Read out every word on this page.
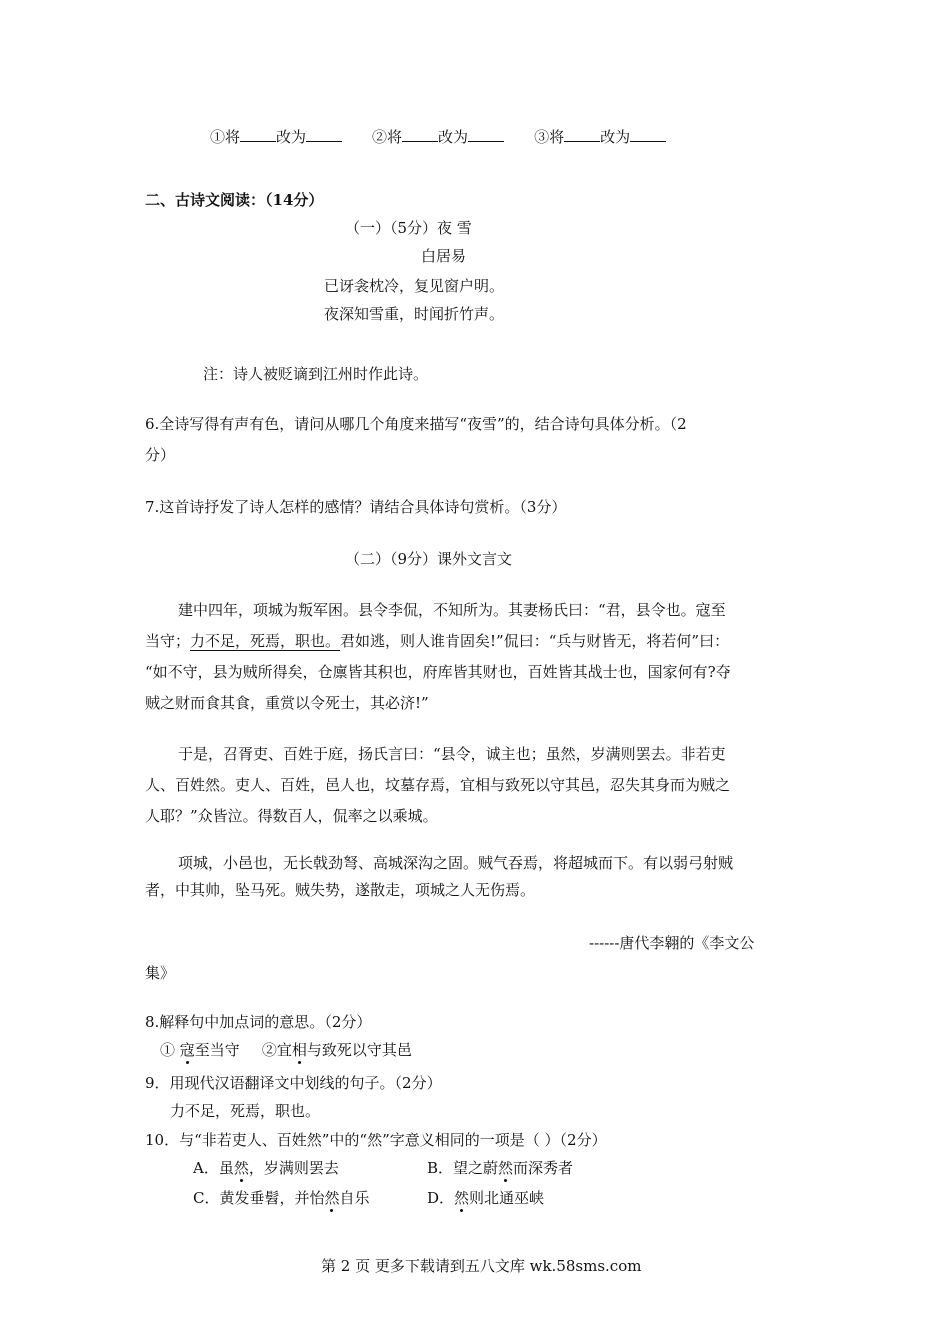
①将 改为	②将 改为	③将 改为
二、古诗文阅读：（14分）
（一）（5分）夜 雪
白居易
已讶衾枕冷，复见窗户明。
夜深知雪重，时闻折竹声。
注：诗人被贬谪到江州时作此诗。
6.全诗写得有声有色，请问从哪几个角度来描写“夜雪”的，结合诗句具体分析。（2
分）
7.这首诗抒发了诗人怎样的感情？请结合具体诗句赏析。（3分）
（二）（9分）课外文言文
建中四年，项城为叛军困。县令李侃，不知所为。其妻杨氏曰：“君，县令也。寇至
当守；力不足，死焉，职也。君如逃，则人谁肯固矣!”侃曰：“兵与财皆无，将若何”曰：
“如不守，县为贼所得矣，仓廪皆其积也，府库皆其财也，百姓皆其战士也，国家何有?夺
贼之财而食其食，重赏以令死士，其必济!”
于是，召胥吏、百姓于庭，扬氏言曰：“县令，诚主也；虽然，岁满则罢去。非若吏
人、百姓然。吏人、百姓，邑人也，坟墓存焉，宜相与致死以守其邑，忍失其身而为贼之
人耶？”众皆泣。得数百人，侃率之以乘城。
项城，小邑也，无长戟劲弩、高城深沟之固。贼气吞焉，将超城而下。有以弱弓射贼
者，中其帅，坠马死。贼失势，遂散走，项城之人无伤焉。
------唐代李翱的《李文公
集》
8.解释句中加点词的意思。（2分）
① 寇至当守 ②宜相与致死以守其邑
9．用现代汉语翻译文中划线的句子。（2分）
力不足，死焉，职也。
10．与“非若吏人、百姓然”中的“然”字意义相同的一项是（ ）（2分）
A．虽然，岁满则罢去	B．望之蔚然而深秀者
C．黄发垂髫，并怡然自乐	D．然则北通巫峡
第 2 页 更多下载请到五八文库 wk.58sms.com
